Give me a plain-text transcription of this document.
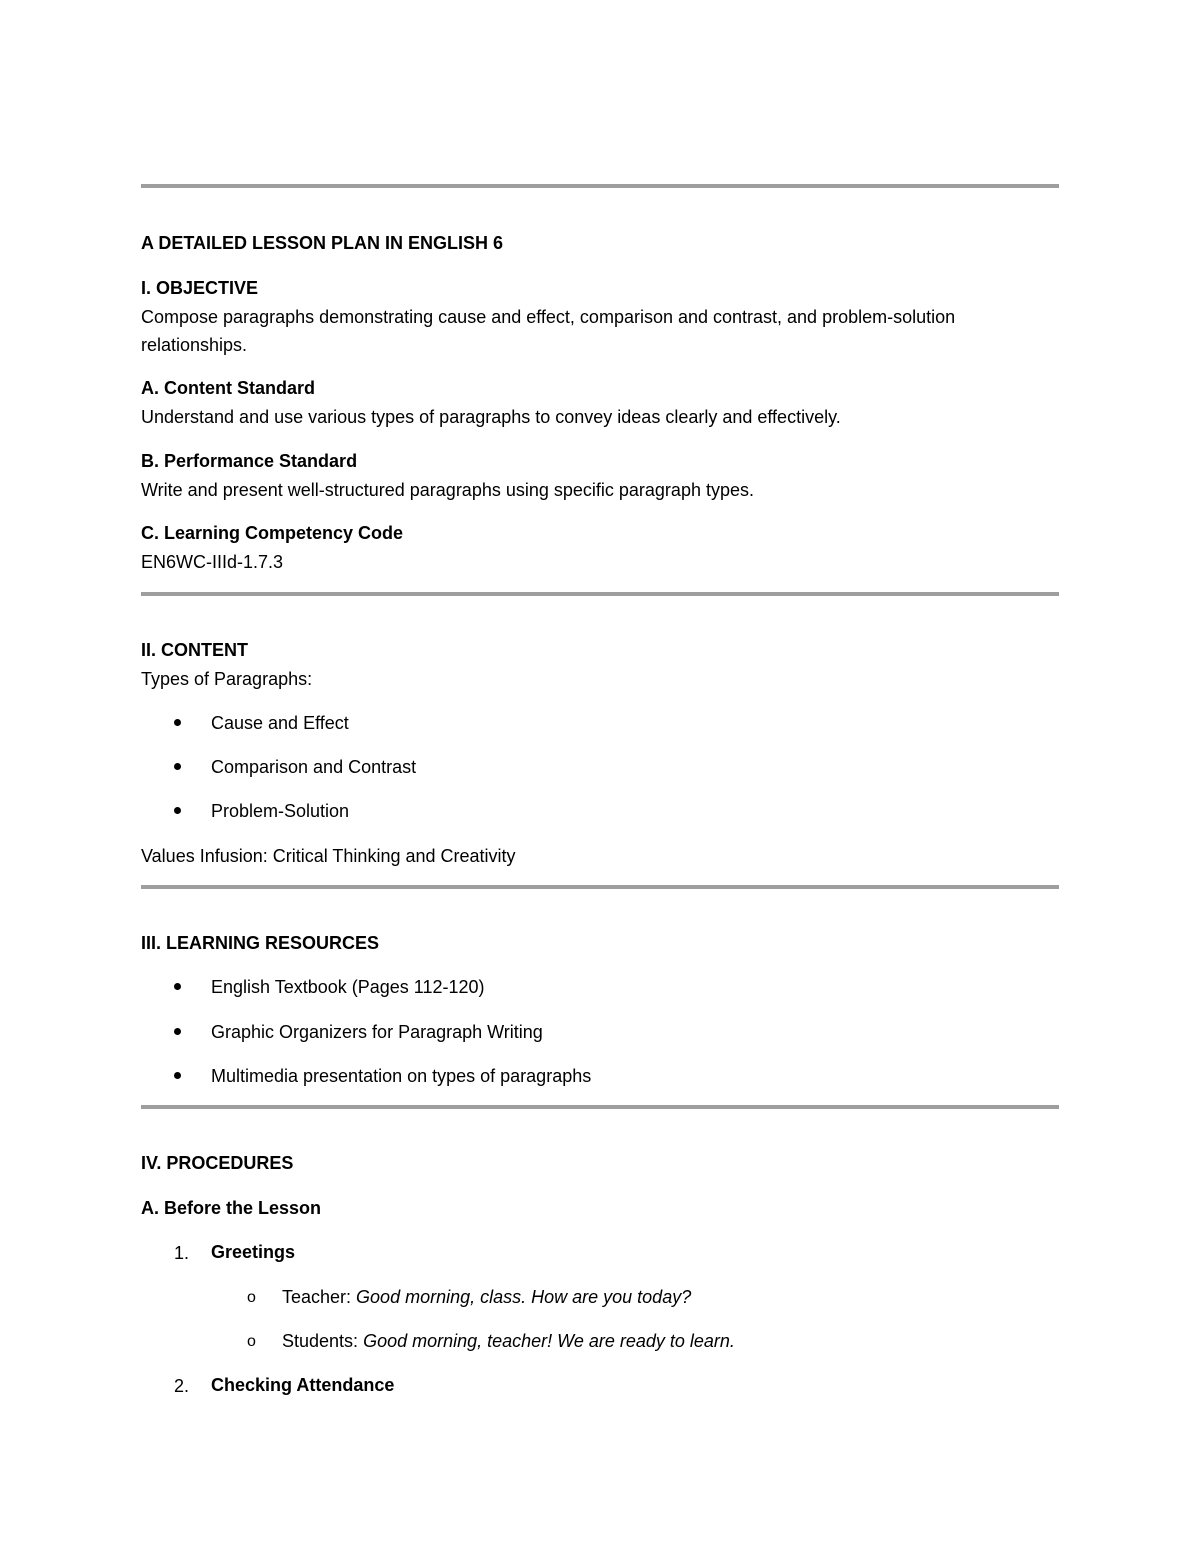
A DETAILED LESSON PLAN IN ENGLISH 6
I. OBJECTIVE
Compose paragraphs demonstrating cause and effect, comparison and contrast, and problem-solution
relationships.
A. Content Standard
Understand and use various types of paragraphs to convey ideas clearly and effectively.
B. Performance Standard
Write and present well-structured paragraphs using specific paragraph types.
C. Learning Competency Code
EN6WC-IIId-1.7.3
II. CONTENT
Types of Paragraphs:
Cause and Effect
Comparison and Contrast
Problem-Solution
Values Infusion: Critical Thinking and Creativity
III. LEARNING RESOURCES
English Textbook (Pages 112-120)
Graphic Organizers for Paragraph Writing
Multimedia presentation on types of paragraphs
IV. PROCEDURES
A. Before the Lesson
1. Greetings
o Teacher: Good morning, class. How are you today?
o Students: Good morning, teacher! We are ready to learn.
2. Checking Attendance
